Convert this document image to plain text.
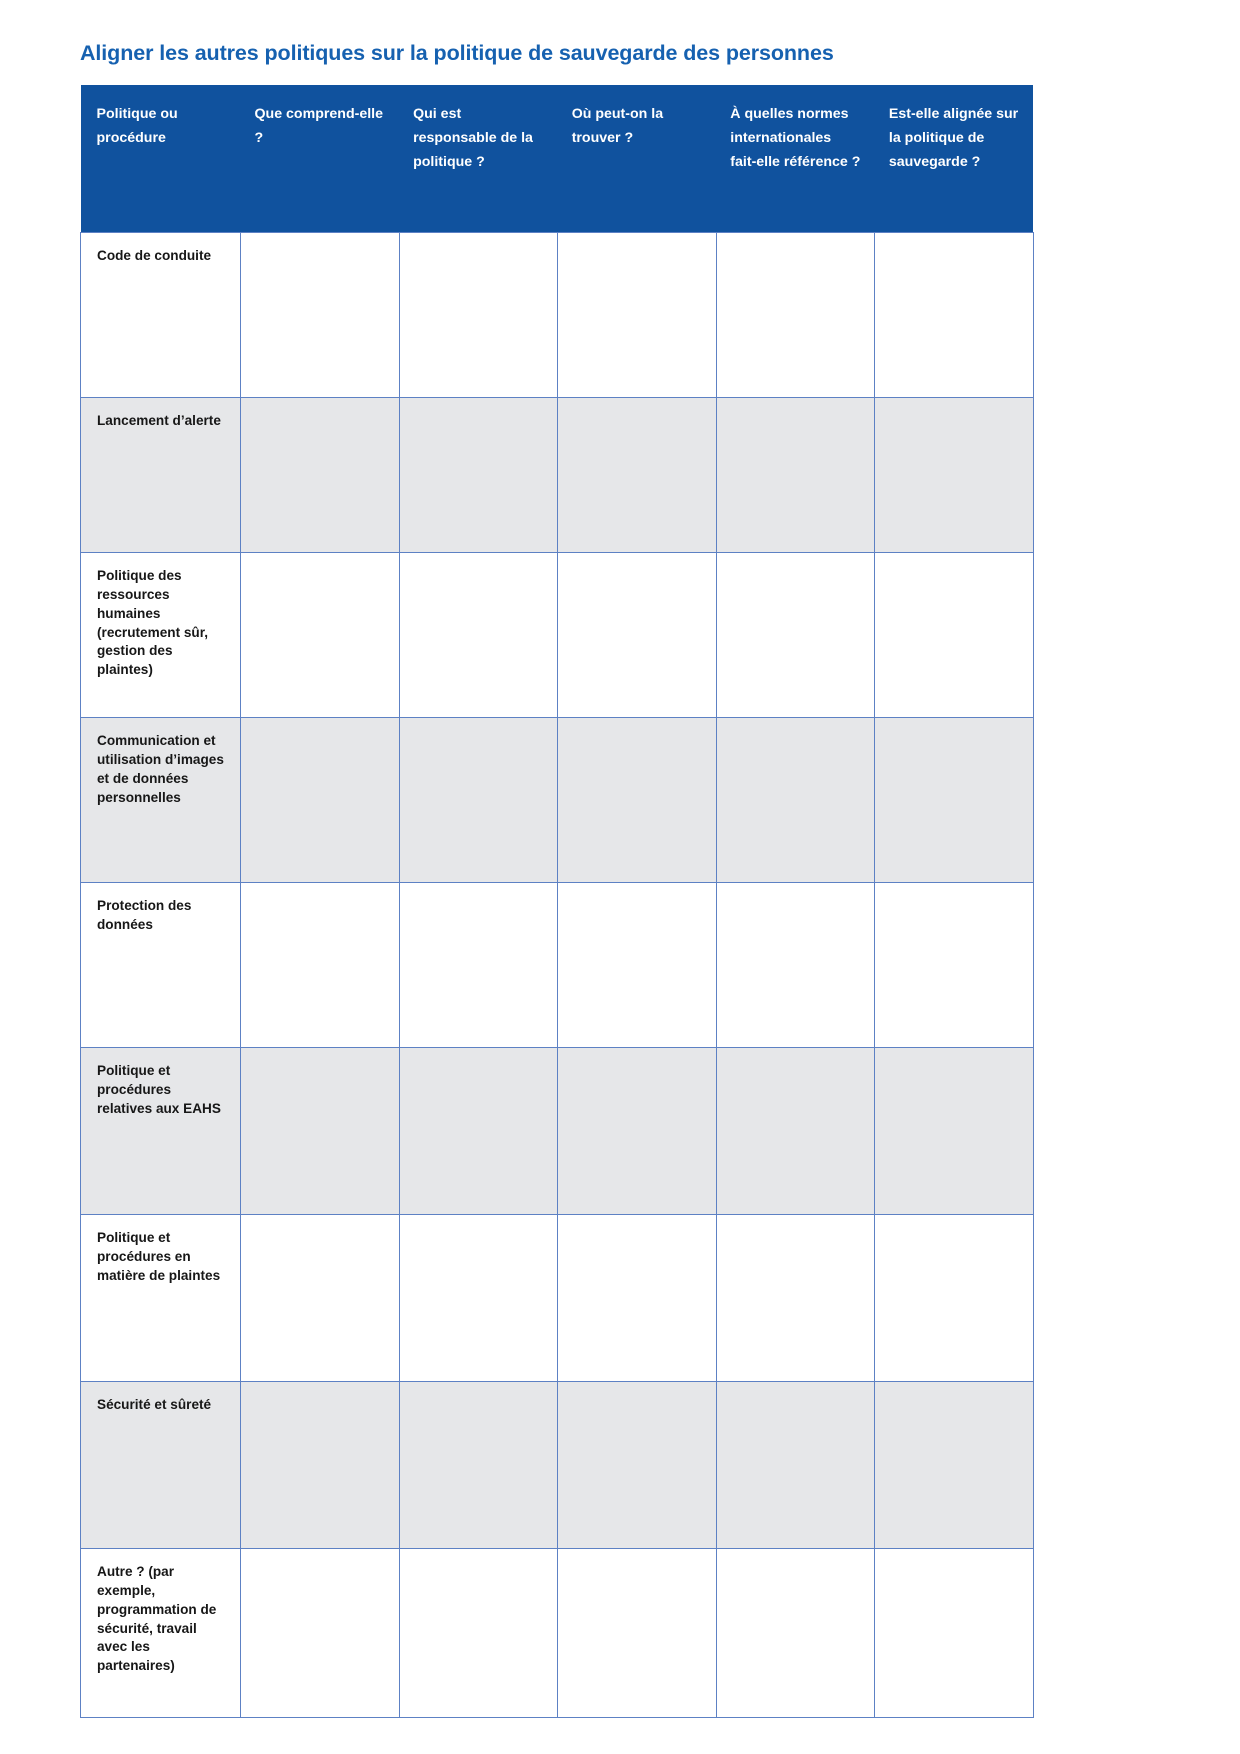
Aligner les autres politiques sur la politique de sauvegarde des personnes
Politique ou procédure	Que comprend-elle ?	Qui est responsable de la politique ?	Où peut-on la trouver ?	À quelles normes internationales fait-elle référence ?	Est-elle alignée sur la politique de sauvegarde ?
Code de conduite					
Lancement d’alerte					
Politique des ressources humaines (recrutement sûr, gestion des plaintes)					
Communication et utilisation d’images et de données personnelles					
Protection des données					
Politique et procédures relatives aux EAHS					
Politique et procédures en matière de plaintes					
Sécurité et sûreté					
Autre ? (par exemple, programmation de sécurité, travail avec les partenaires)					
